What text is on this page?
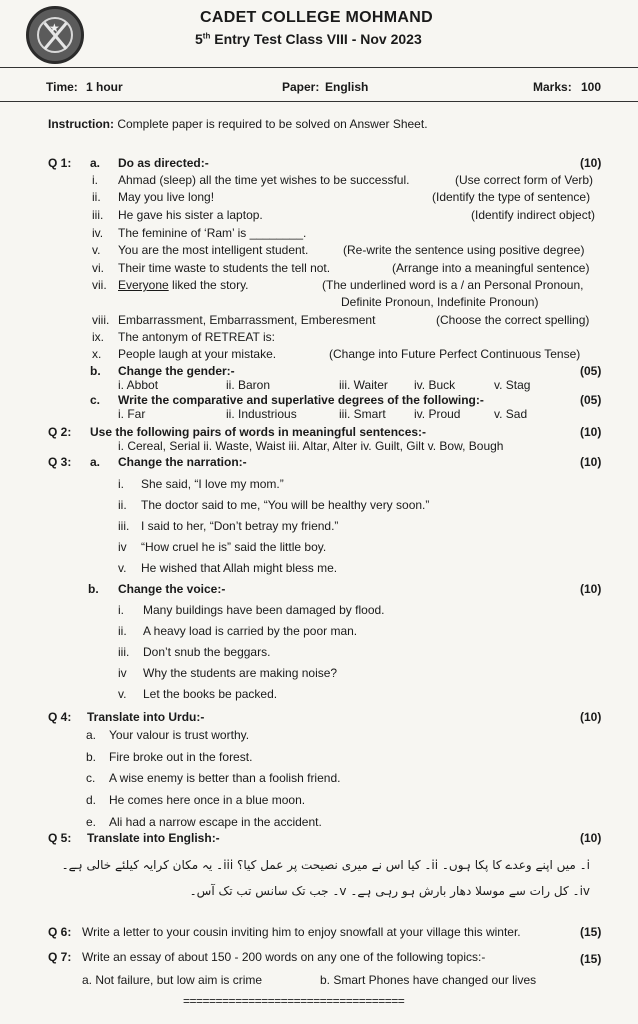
★
CADET COLLEGE MOHMAND
5th Entry Test Class VIII - Nov 2023
Time: 1 hour	Paper: English	Marks: 100
Instruction: Complete paper is required to be solved on Answer Sheet.
Q 1: a. Do as directed:-	(10)
i. Ahmad (sleep) all the time yet wishes to be successful.	(Use correct form of Verb)
ii. May you live long!	(Identify the type of sentence)
iii. He gave his sister a laptop.	(Identify indirect object)
iv. The feminine of ‘Ram’ is ________.
v. You are the most intelligent student.	(Re-write the sentence using positive degree)
vi. Their time waste to students the tell not.	(Arrange into a meaningful sentence)
vii. Everyone liked the story.	(The underlined word is a / an Personal Pronoun,
Definite Pronoun, Indefinite Pronoun)
viii. Embarrassment, Embarrassment, Emberesment	(Choose the correct spelling)
ix. The antonym of RETREAT is:
x. People laugh at your mistake.	(Change into Future Perfect Continuous Tense)
b. Change the gender:-	(05)
i. Abbot	ii. Baron	iii. Waiter iv. Buck	v. Stag
c. Write the comparative and superlative degrees of the following:-	(05)
i. Far	ii. Industrious	iii. Smart iv. Proud	v. Sad
Q 2: Use the following pairs of words in meaningful sentences:-	(10)
i. Cereal, Serial ii. Waste, Waist iii. Altar, Alter iv. Guilt, Gilt v. Bow, Bough
Q 3: a. Change the narration:-	(10)
i. She said, “I love my mom.”
ii. The doctor said to me, “You will be healthy very soon.”
iii. I said to her, “Don’t betray my friend.”
iv “How cruel he is” said the little boy.
v. He wished that Allah might bless me.
b. Change the voice:-	(10)
i. Many buildings have been damaged by flood.
ii. A heavy load is carried by the poor man.
iii. Don’t snub the beggars.
iv Why the students are making noise?
v. Let the books be packed.
Q 4: Translate into Urdu:-	(10)
a. Your valour is trust worthy.
b. Fire broke out in the forest.
c. A wise enemy is better than a foolish friend.
d. He comes here once in a blue moon.
e. Ali had a narrow escape in the accident.
Q 5: Translate into English:-	(10)
i۔ میں اپنے وعدے کا پکا ہوں۔ ii۔ کیا اس نے میری نصیحت پر عمل کیا؟ iii۔ یہ مکان کرایہ کیلئے خالی ہے۔
iv۔ کل رات سے موسلا دھار بارش ہو رہی ہے۔ v۔ جب تک سانس تب تک آس۔
Q 6: Write a letter to your cousin inviting him to enjoy snowfall at your village this winter.	(15)
Q 7: Write an essay of about 150 - 200 words on any one of the following topics:-	(15)
a. Not failure, but low aim is crime	b. Smart Phones have changed our lives
==================================
